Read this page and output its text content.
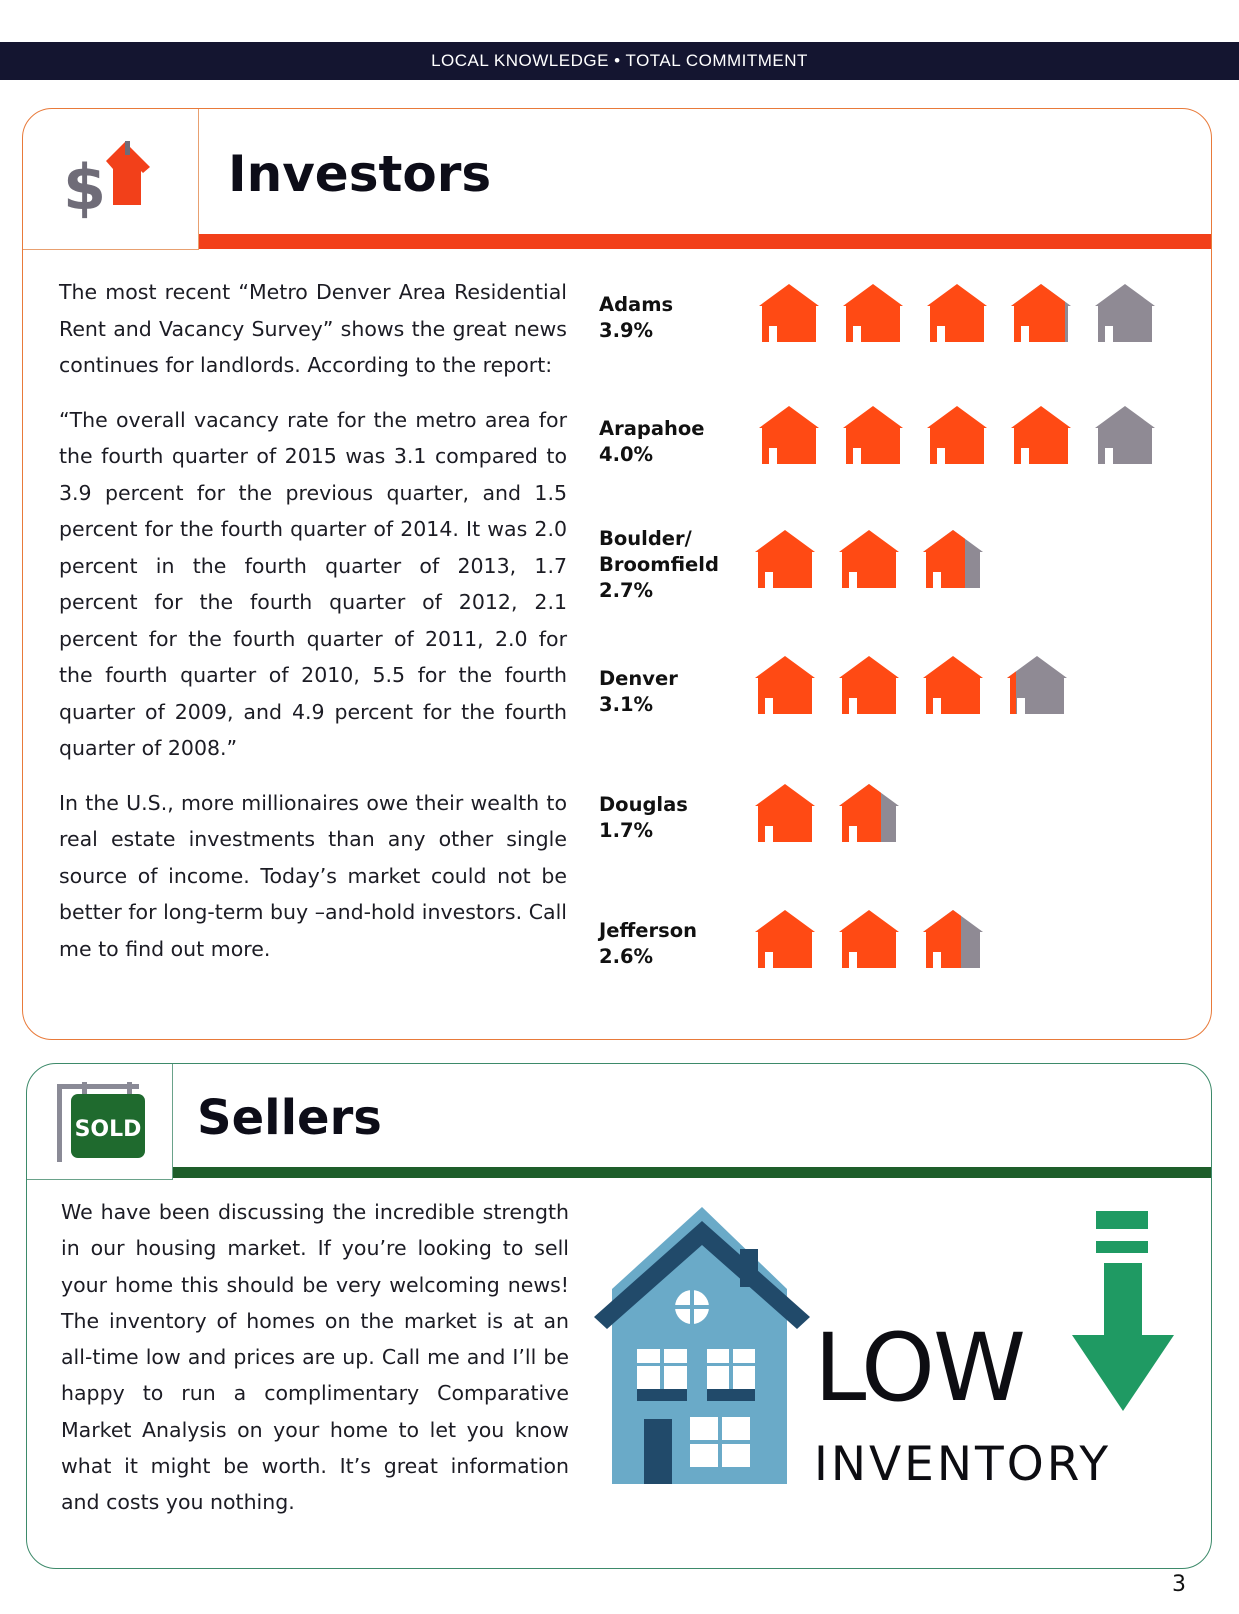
LOCAL KNOWLEDGE • TOTAL COMMITMENT
$ Investors

The most recent “Metro Denver Area Residential Rent and Vacancy Survey” shows the great news continues for landlords. According to the report:

“The overall vacancy rate for the metro area for the fourth quarter of 2015 was 3.1 compared to 3.9 percent for the previous quarter, and 1.5 percent for the fourth quarter of 2014. It was 2.0 percent in the fourth quarter of 2013, 1.7 percent for the fourth quarter of 2012, 2.1 percent for the fourth quarter of 2011, 2.0 for the fourth quarter of 2010, 5.5 for the fourth quarter of 2009, and 4.9 percent for the fourth quarter of 2008.”

In the U.S., more millionaires owe their wealth to real estate investments than any other single source of income. Today’s market could not be better for long-term buy –and-hold investors. Call me to find out more.

Adams
3.9%
Arapahoe
4.0%
Boulder/
Broomfield
2.7%
Denver
3.1%
Douglas
1.7%
Jefferson
2.6%
SOLD Sellers

We have been discussing the incredible strength in our housing market. If you’re looking to sell your home this should be very welcoming news! The inventory of homes on the market is at an all-time low and prices are up. Call me and I’ll be happy to run a complimentary Comparative Market Analysis on your home to let you know what it might be worth. It’s great information and costs you nothing.

LOW
INVENTORY
3
